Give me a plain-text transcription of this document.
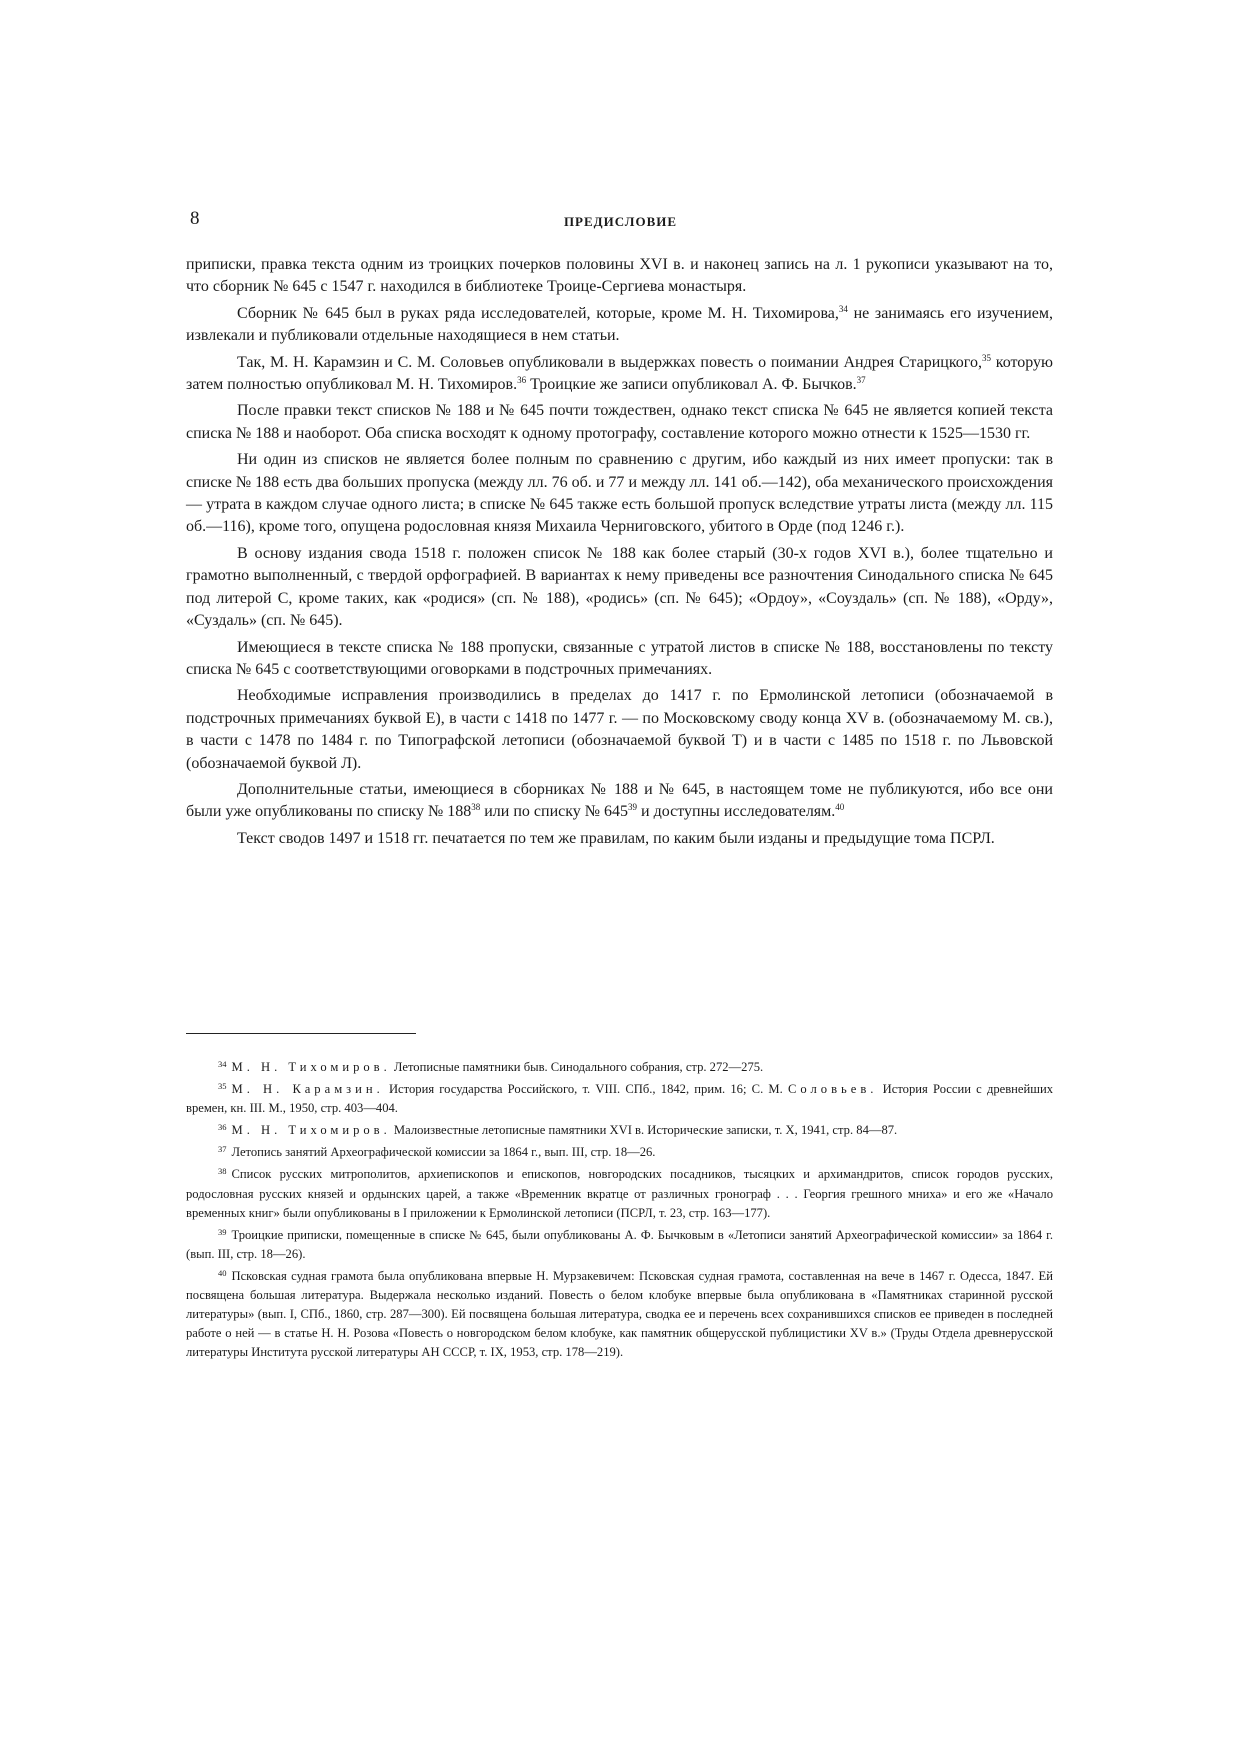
8	ПРЕДИСЛОВИЕ

приписки, правка текста одним из троицких почерков половины XVI в. и наконец запись на л. 1 рукописи указывают на то, что сборник № 645 с 1547 г. находился в библиотеке Троице-Сергиева монастыря.

Сборник № 645 был в руках ряда исследователей, которые, кроме М. Н. Тихомирова,$^{34}$ не занимаясь его изучением, извлекали и публиковали отдельные находящиеся в нем статьи.

Так, М. Н. Карамзин и С. М. Соловьев опубликовали в выдержках повесть о поимании Андрея Старицкого,$^{35}$ которую затем полностью опубликовал М. Н. Тихомиров.$^{36}$ Троицкие же записи опубликовал А. Ф. Бычков.$^{37}$

После правки текст списков № 188 и № 645 почти тождествен, однако текст списка № 645 не является копией текста списка № 188 и наоборот. Оба списка восходят к одному протографу, составление которого можно отнести к 1525—1530 гг.

Ни один из списков не является более полным по сравнению с другим, ибо каждый из них имеет пропуски: так в списке № 188 есть два больших пропуска (между лл. 76 об. и 77 и между лл. 141 об.—142), оба механического происхождения — утрата в каждом случае одного листа; в списке № 645 также есть большой пропуск вследствие утраты листа (между лл. 115 об.—116), кроме того, опущена родословная князя Михаила Черниговского, убитого в Орде (под 1246 г.).

В основу издания свода 1518 г. положен список № 188 как более старый (30-х годов XVI в.), более тщательно и грамотно выполненный, с твердой орфографией. В вариантах к нему приведены все разночтения Синодального списка № 645 под литерой С, кроме таких, как «родися» (сп. № 188), «родись» (сп. № 645); «Ордоу», «Соуздаль» (сп. № 188), «Орду», «Суздаль» (сп. № 645).

Имеющиеся в тексте списка № 188 пропуски, связанные с утратой листов в списке № 188, восстановлены по тексту списка № 645 с соответствующими оговорками в подстрочных примечаниях.

Необходимые исправления производились в пределах до 1417 г. по Ермолинской летописи (обозначаемой в подстрочных примечаниях буквой Е), в части с 1418 по 1477 г. — по Московскому своду конца XV в. (обозначаемому М. св.), в части с 1478 по 1484 г. по Типографской летописи (обозначаемой буквой Т) и в части с 1485 по 1518 г. по Львовской (обозначаемой буквой Л).

Дополнительные статьи, имеющиеся в сборниках № 188 и № 645, в настоящем томе не публикуются, ибо все они были уже опубликованы по списку № $188^{38}$ или по списку № $645^{39}$ и доступны исследователям.$^{40}$

Текст сводов 1497 и 1518 гг. печатается по тем же правилам, по каким были изданы и предыдущие тома ПСРЛ.

$^{34}$ М. Н. Тихомиров. Летописные памятники быв. Синодального собрания, стр. 272—275.

$^{35}$ М. Н. Карамзин. История государства Российского, т. VIII. СПб., 1842, прим. 16; С. М. Соловьев. История России с древнейших времен, кн. III. М., 1950, стр. 403—404.

$^{36}$ М. Н. Тихомиров. Малоизвестные летописные памятники XVI в. Исторические записки, т. X, 1941, стр. 84—87.

$^{37}$ Летопись занятий Археографической комиссии за 1864 г., вып. III, стр. 18—26.

$^{38}$ Список русских митрополитов, архиепископов и епископов, новгородских посадников, тысяцких и архимандритов, список городов русских, родословная русских князей и ордынских царей, а также «Временник вкратце от различных гронограф . . . Георгия грешного мниха» и его же «Начало временных книг» были опубликованы в I приложении к Ермолинской летописи (ПСРЛ, т. 23, стр. 163—177).

$^{39}$ Троицкие приписки, помещенные в списке № 645, были опубликованы А. Ф. Бычковым в «Летописи занятий Археографической комиссии» за 1864 г. (вып. III, стр. 18—26).

$^{40}$ Псковская судная грамота была опубликована впервые Н. Мурзакевичем: Псковская судная грамота, составленная на вече в 1467 г. Одесса, 1847. Ей посвящена большая литература. Выдержала несколько изданий. Повесть о белом клобуке впервые была опубликована в «Памятниках старинной русской литературы» (вып. I, СПб., 1860, стр. 287—300). Ей посвящена большая литература, сводка ее и перечень всех сохранившихся списков ее приведен в последней работе о ней — в статье Н. Н. Розова «Повесть о новгородском белом клобуке, как памятник общерусской публицистики XV в.» (Труды Отдела древнерусской литературы Института русской литературы АН СССР, т. IX, 1953, стр. 178—219).
